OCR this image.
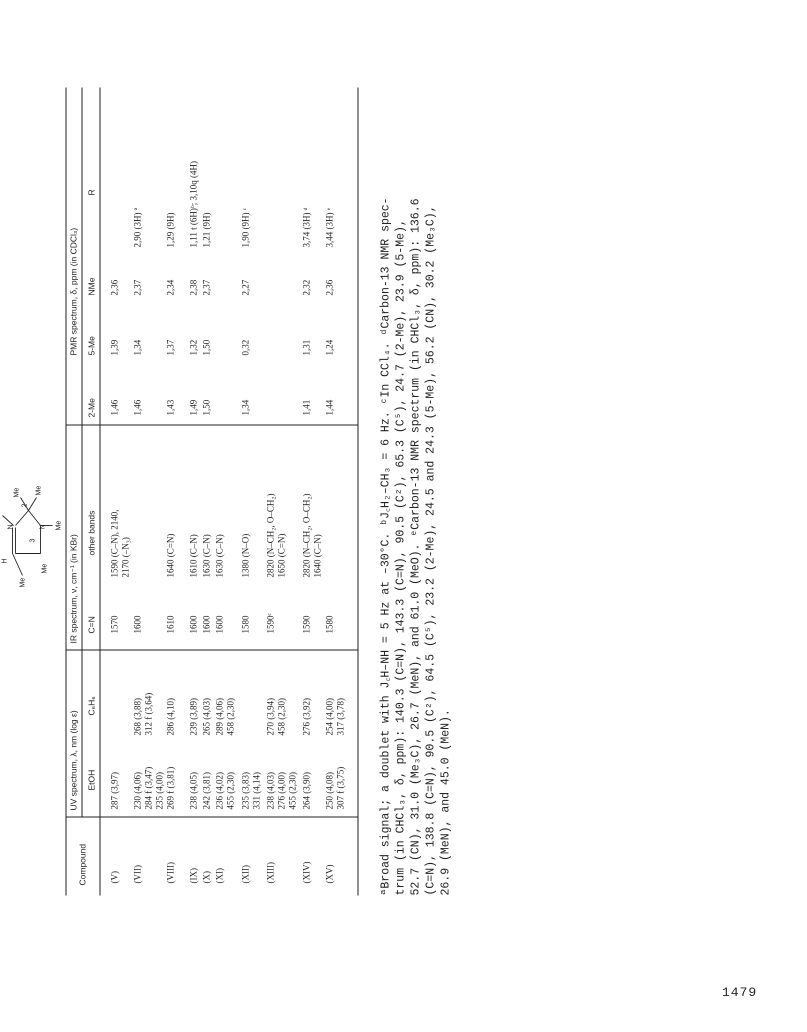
Me
H
N
Me Me
N Me
Me
2
3
Compound
UV spectrum, λ, nm (log ε) EtOH
C₆H₆
IR spectrum, ν, cm⁻¹ (in KBr) C=N
other bands
PMR spectrum, δ, ppm (in CDCl₃)
2-Me
5-Me
NMe
R
(V)
287 (3,97)
1570
1590 (C–N), 2140, 2170 (–N₃)
1,46
1,39
2,36
(VII)
230 (4,06) 284 f (3,47) 235 (4,00)
268 (3,88) 312 f (3,64)
1600
1,46
1,34
2,37
2,90 (3H) ª
(VIII)
269 f (3,81)
286 (4,10)
1610
1640 (C=N)
1,43
1,37
2,34
1,29 (9H)
(IX)
238 (4,05)
239 (3,89)
1600
1610 (C–N)
1,49
1,32
2,38
1,11 t (6H)ᵇ; 3,10q (4H)
(X)
242 (3,81)
265 (4,03)
1600
1630 (C–N)
1,50
1,50
2,37
1,21 (9H)
(XI)
236 (4,02) 455 (2,30)
289 (4,06) 458 (2,30)
1600
1630 (C–N)
(XII)
235 (3,83) 331 (4,14)
1580
1380 (N–O)
1,34
0,32
2,27
1,90 (9H) ᶜ
(XIII)
238 (4,03) 276 (4,00) 455 (2,30)
270 (3,94) 458 (2,30)
1590ᶜ
2820 (N–CH₂, O–CH₂) 1650 (C=N)
(XIV)
264 (3,90)
276 (3,92)
1590
2820 (N–CH₂, O–CH₂) 1640 (C–N)
1,41
1,31
2,32
3,74 (3H) ᵈ
(XV)
250 (4,08) 307 f (3,75)
254 (4,00) 317 (3,78)
1580
1,44
1,24
2,36
3,44 (3H) ᵉ	ªBroad signal; a doublet with J꜀H–NH = 5 Hz at –30°C. ᵇJ꜀H₂–CH₃ = 6 Hz. ᶜIn CCl₄. ᵈCarbon-13 NMR spec- trum (in CHCl₃, δ, ppm): 140.3 (C=N), 143.3 (C=N), 90.5 (C²), 65.3 (C⁵), 24.7 (2-Me), 23.9 (5-Me), 52.7 (CN), 31.0 (Me₃C), 26.7 (MeN), and 61.0 (MeO). ᵉCarbon-13 NMR spectrum (in CHCl₃, δ, ppm): 136.6 (C=N), 138.8 (C=N), 90.5 (C²), 64.5 (C⁵), 23.2 (2-Me), 24.5 and 24.3 (5-Me), 56.2 (CN), 30.2 (Me₃C), 26.9 (MeN), and 45.0 (MeN).

1479
